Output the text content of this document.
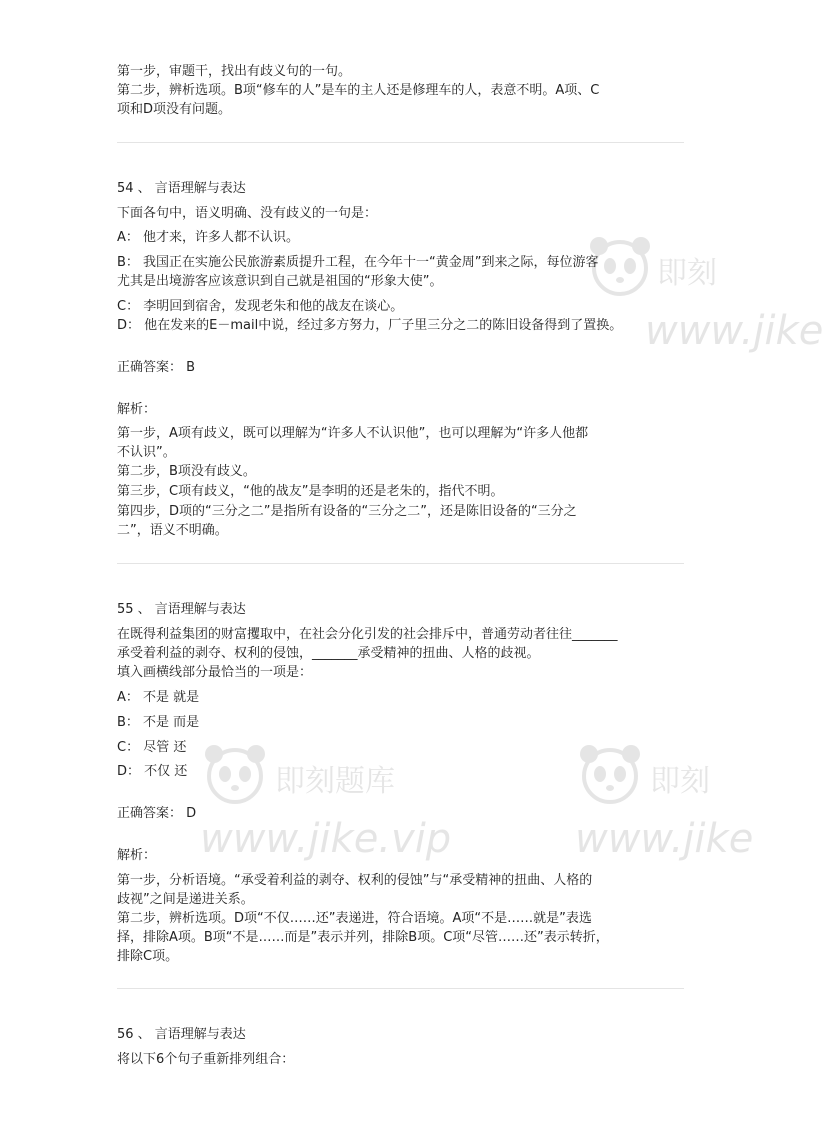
第一步，审题干，找出有歧义句的一句。

第二步，辨析选项。B项“修车的人”是车的主人还是修理车的人，表意不明。A项、C

项和D项没有问题。

54 、 言语理解与表达

下面各句中，语义明确、没有歧义的一句是：

A： 他才来，许多人都不认识。

B： 我国正在实施公民旅游素质提升工程，在今年十一“黄金周”到来之际，每位游客

尤其是出境游客应该意识到自己就是祖国的“形象大使”。

C： 李明回到宿舍，发现老朱和他的战友在谈心。

D： 他在发来的E－mail中说，经过多方努力，厂子里三分之二的陈旧设备得到了置换。

正确答案： B

解析：

第一步，A项有歧义，既可以理解为“许多人不认识他”，也可以理解为“许多人他都

不认识”。

第二步，B项没有歧义。

第三步，C项有歧义，“他的战友”是李明的还是老朱的，指代不明。

第四步，D项的“三分之二”是指所有设备的“三分之二”，还是陈旧设备的“三分之

二”，语义不明确。

55 、 言语理解与表达

在既得利益集团的财富攫取中，在社会分化引发的社会排斥中，普通劳动者往往_______

承受着利益的剥夺、权利的侵蚀，_______承受精神的扭曲、人格的歧视。

填入画横线部分最恰当的一项是：

A： 不是 就是

B： 不是 而是

C： 尽管 还

D： 不仅 还

正确答案： D

解析：

第一步，分析语境。“承受着利益的剥夺、权利的侵蚀”与“承受精神的扭曲、人格的

歧视”之间是递进关系。

第二步，辨析选项。D项“不仅……还”表递进，符合语境。A项“不是……就是”表选

择，排除A项。B项“不是……而是”表示并列，排除B项。C项“尽管……还”表示转折，

排除C项。

56 、 言语理解与表达

将以下6个句子重新排列组合：

即刻
www.jike
即刻题库
www.jike.vip
即刻
www.jike
